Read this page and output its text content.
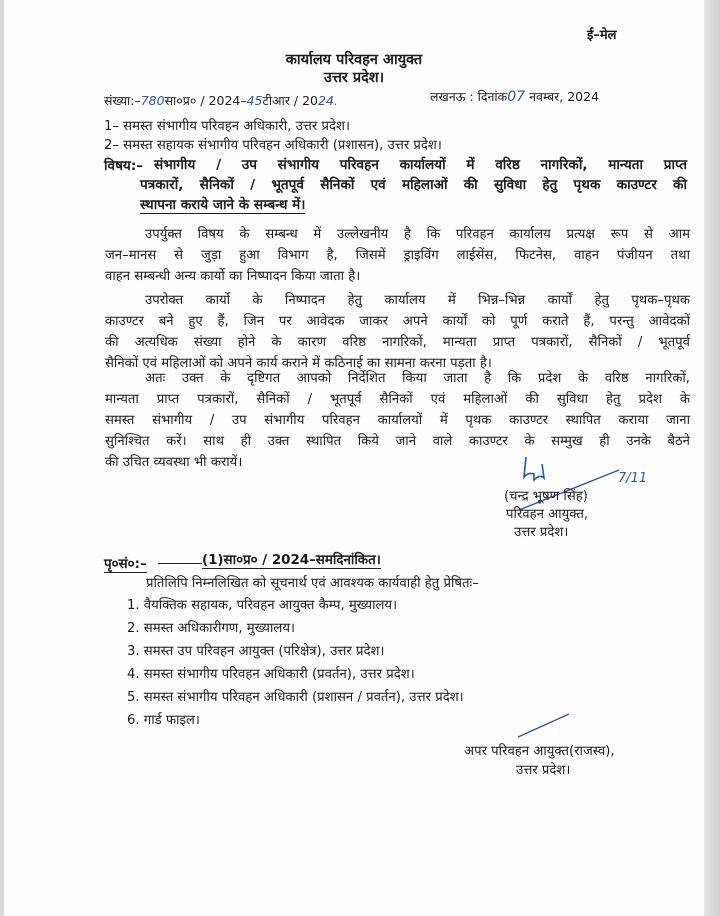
ई–मेल
कार्यालय परिवहन आयुक्त
उत्तर प्रदेश।
संख्या:–780सा०प्र० / 2024–45टीआर / 2024.	लखनऊ : दिनांक07 नवम्बर, 2024
1– समस्त संभागीय परिवहन अधिकारी, उत्तर प्रदेश।
2– समस्त सहायक संभागीय परिवहन अधिकारी (प्रशासन), उत्तर प्रदेश।
विषय:– संभागीय / उप संभागीय परिवहन कार्यालयों में वरिष्ठ नागरिकों, मान्यता प्राप्त
पत्रकारों, सैनिकों / भूतपूर्व सैनिकों एवं महिलाओं की सुविधा हेतु पृथक काउण्टर की
स्थापना कराये जाने के सम्बन्ध में।
उपर्युक्त विषय के सम्बन्ध में उल्लेखनीय है कि परिवहन कार्यालय प्रत्यक्ष रूप से आम
जन–मानस से जुड़ा हुआ विभाग है, जिसमें ड्राइविंग लाईसेंस, फिटनेस, वाहन पंजीयन तथा
वाहन सम्बन्धी अन्य कार्यो का निष्पादन किया जाता है।
उपरोक्त कार्यो के निष्पादन हेतु कार्यालय में भिन्न–भिन्न कार्यों हेतु पृथक–पृथक
काउण्टर बने हुए हैं, जिन पर आवेदक जाकर अपने कार्यों को पूर्ण कराते हैं, परन्तु आवेदकों
की अत्यधिक संख्या होने के कारण वरिष्ठ नागरिकों, मान्यता प्राप्त पत्रकारों, सैनिकों / भूतपूर्व
सैनिकों एवं महिलाओं को अपने कार्य कराने में कठिनाई का सामना करना पड़ता है।
अतः उक्त के दृष्टिगत आपको निर्देशित किया जाता है कि प्रदेश के वरिष्ठ नागरिकों,
मान्यता प्राप्त पत्रकारों, सैनिकों / भूतपूर्व सैनिकों एवं महिलाओं की सुविधा हेतु प्रदेश के
समस्त संभागीय / उप संभागीय परिवहन कार्यालयों में पृथक काउण्टर स्थापित कराया जाना
सुनिश्चित करें। साथ ही उक्त स्थापित किये जाने वाले काउण्टर के सम्मुख ही उनके बैठने
की उचित व्यवस्था भी करायें।
7/11
(चन्द्र भूषण सिंह)
परिवहन आयुक्त,
उत्तर प्रदेश।
पृ०सं०:–	(1)सा०प्र० / 2024–समदिनांकित।
प्रतिलिपि निम्नलिखित को सूचनार्थ एवं आवश्यक कार्यवाही हेतु प्रेषितः–
1. वैयक्तिक सहायक, परिवहन आयुक्त कैम्प, मुख्यालय।
2. समस्त अधिकारीगण, मुख्यालय।
3. समस्त उप परिवहन आयुक्त (परिक्षेत्र), उत्तर प्रदेश।
4. समस्त संभागीय परिवहन अधिकारी (प्रवर्तन), उत्तर प्रदेश।
5. समस्त संभागीय परिवहन अधिकारी (प्रशासन / प्रवर्तन), उत्तर प्रदेश।
6. गार्ड फाइल।
अपर परिवहन आयुक्त(राजस्व),
उत्तर प्रदेश।
